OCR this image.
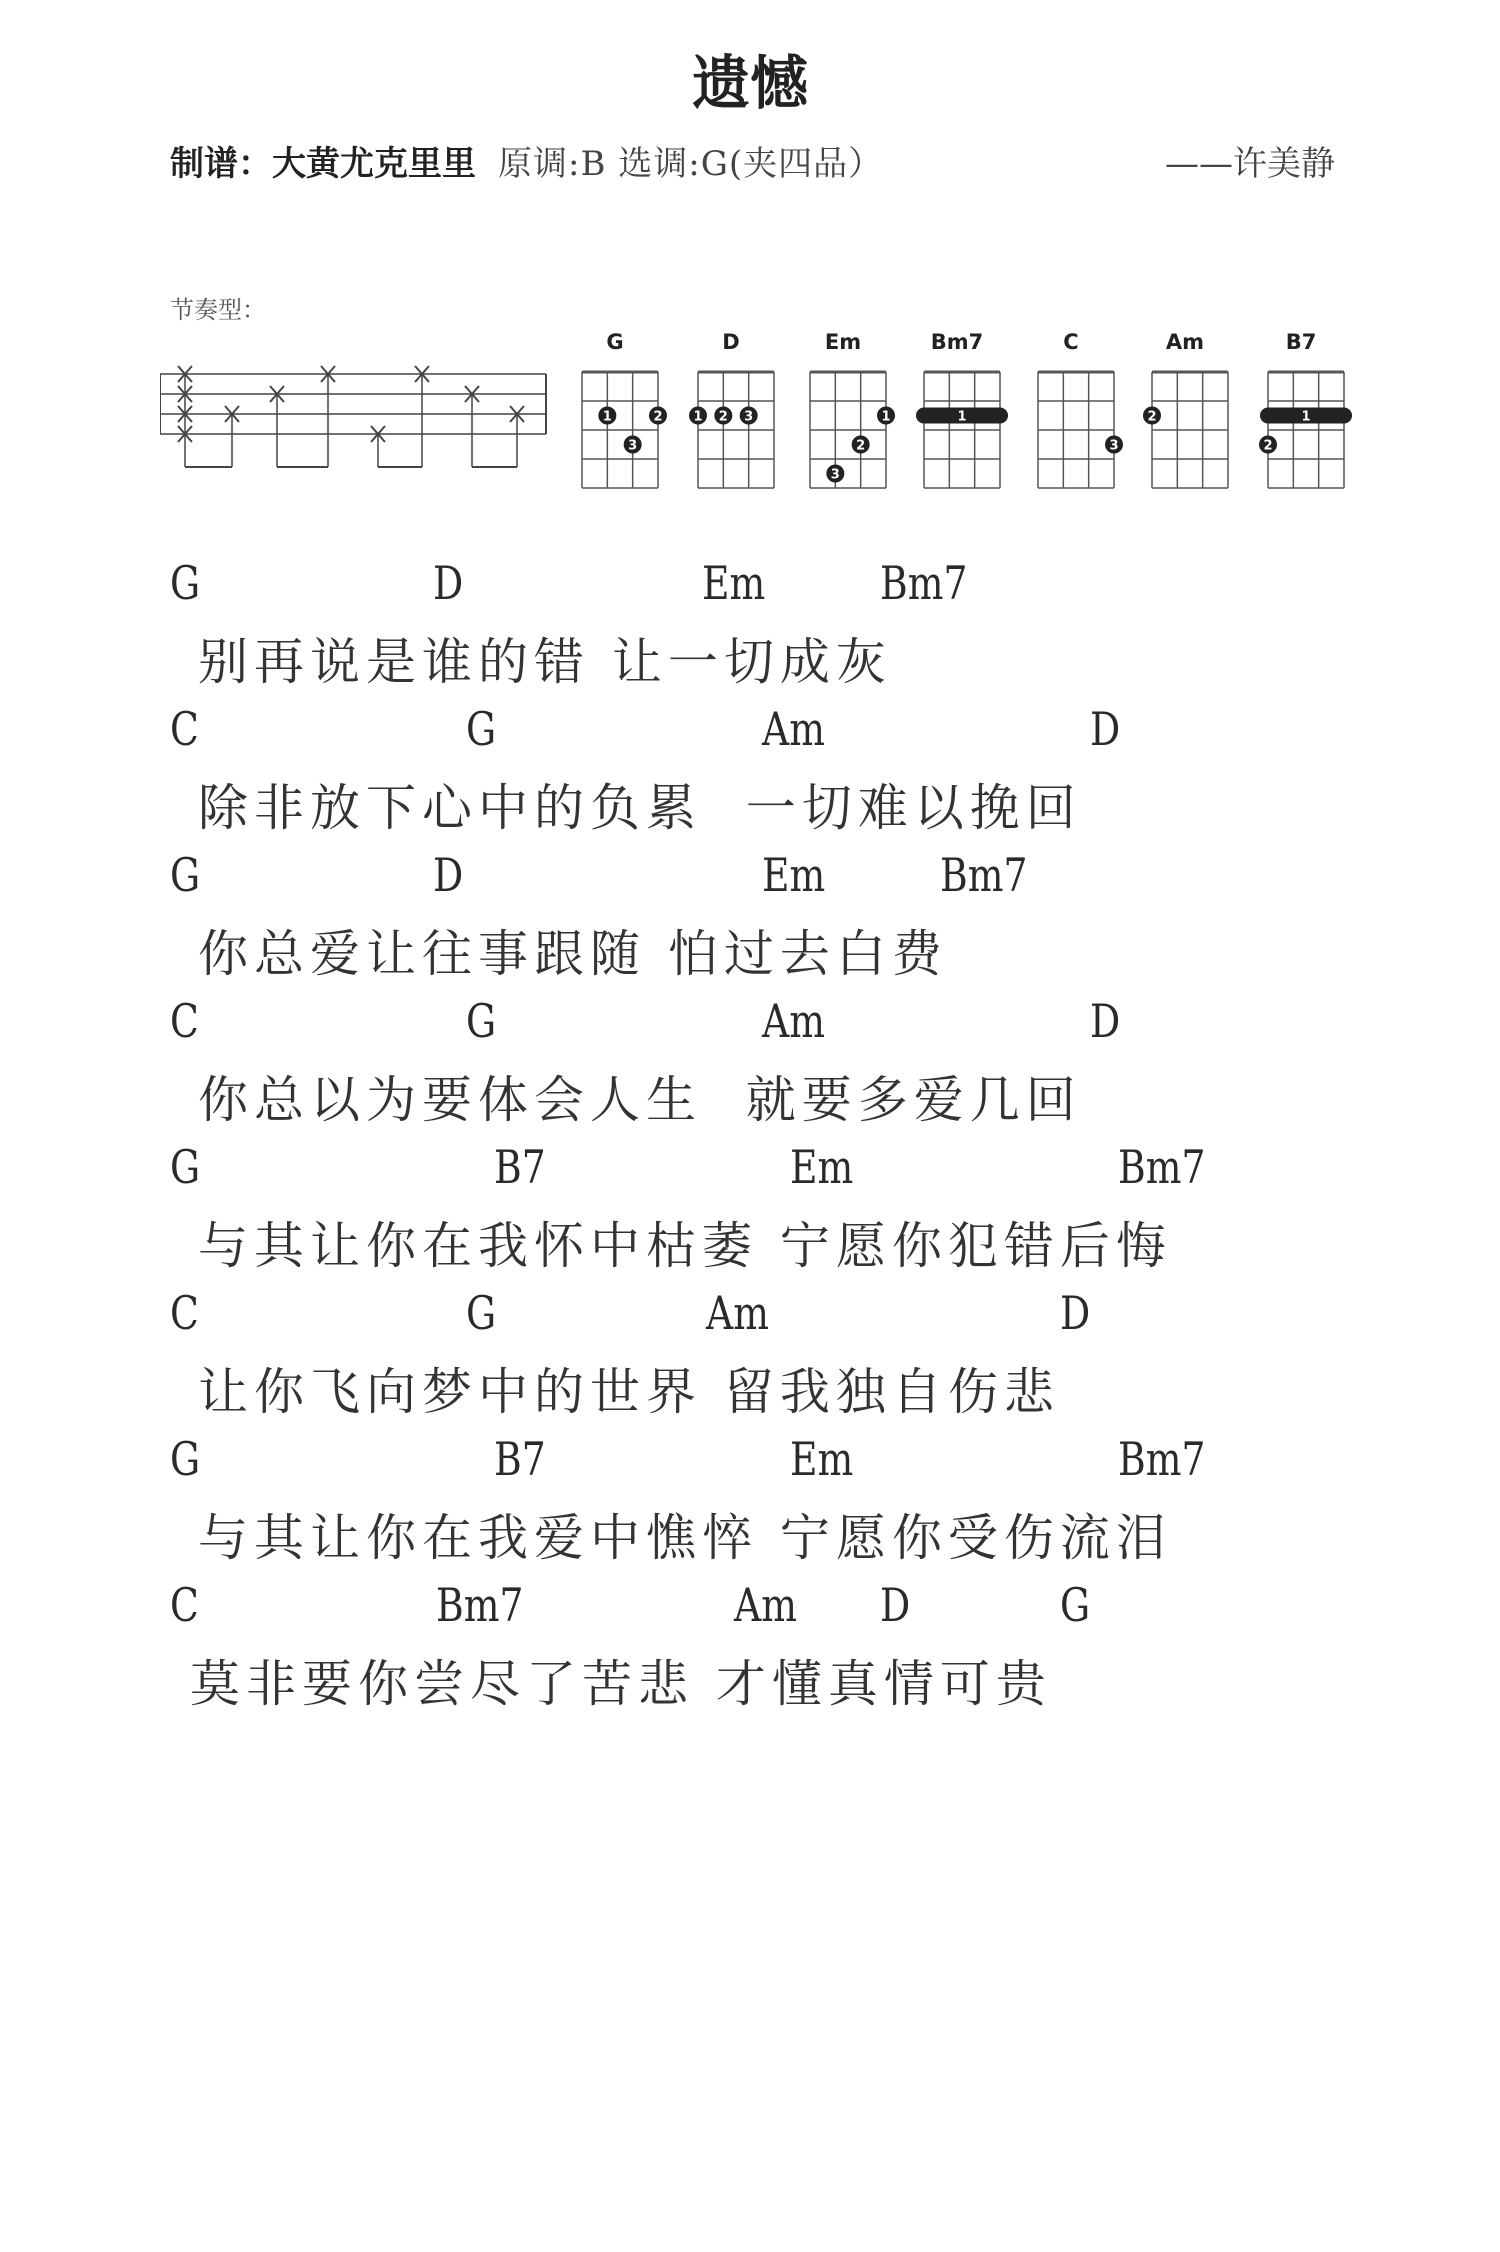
遗憾
制谱：大黄尤克里里 原调:B 选调:G(夹四品）	——许美静
节奏型：
G
1	2
3
D
1 2 3
Em
1
2
3
Bm7
1
C
3
Am
2
B7
1
2
G	D	Em Bm7
别再说是谁的错 让一切成灰
C	G	Am	D
除非放下心中的负累  一切难以挽回
G	D	Em Bm7
你总爱让往事跟随 怕过去白费
C	G	Am	D
你总以为要体会人生  就要多爱几回
G	B7	Em	Bm7
与其让你在我怀中枯萎 宁愿你犯错后悔
C	G	Am	D
让你飞向梦中的世界 留我独自伤悲
G	B7	Em	Bm7
与其让你在我爱中憔悴 宁愿你受伤流泪
C	Bm7	Am D	G
莫非要你尝尽了苦悲 才懂真情可贵
